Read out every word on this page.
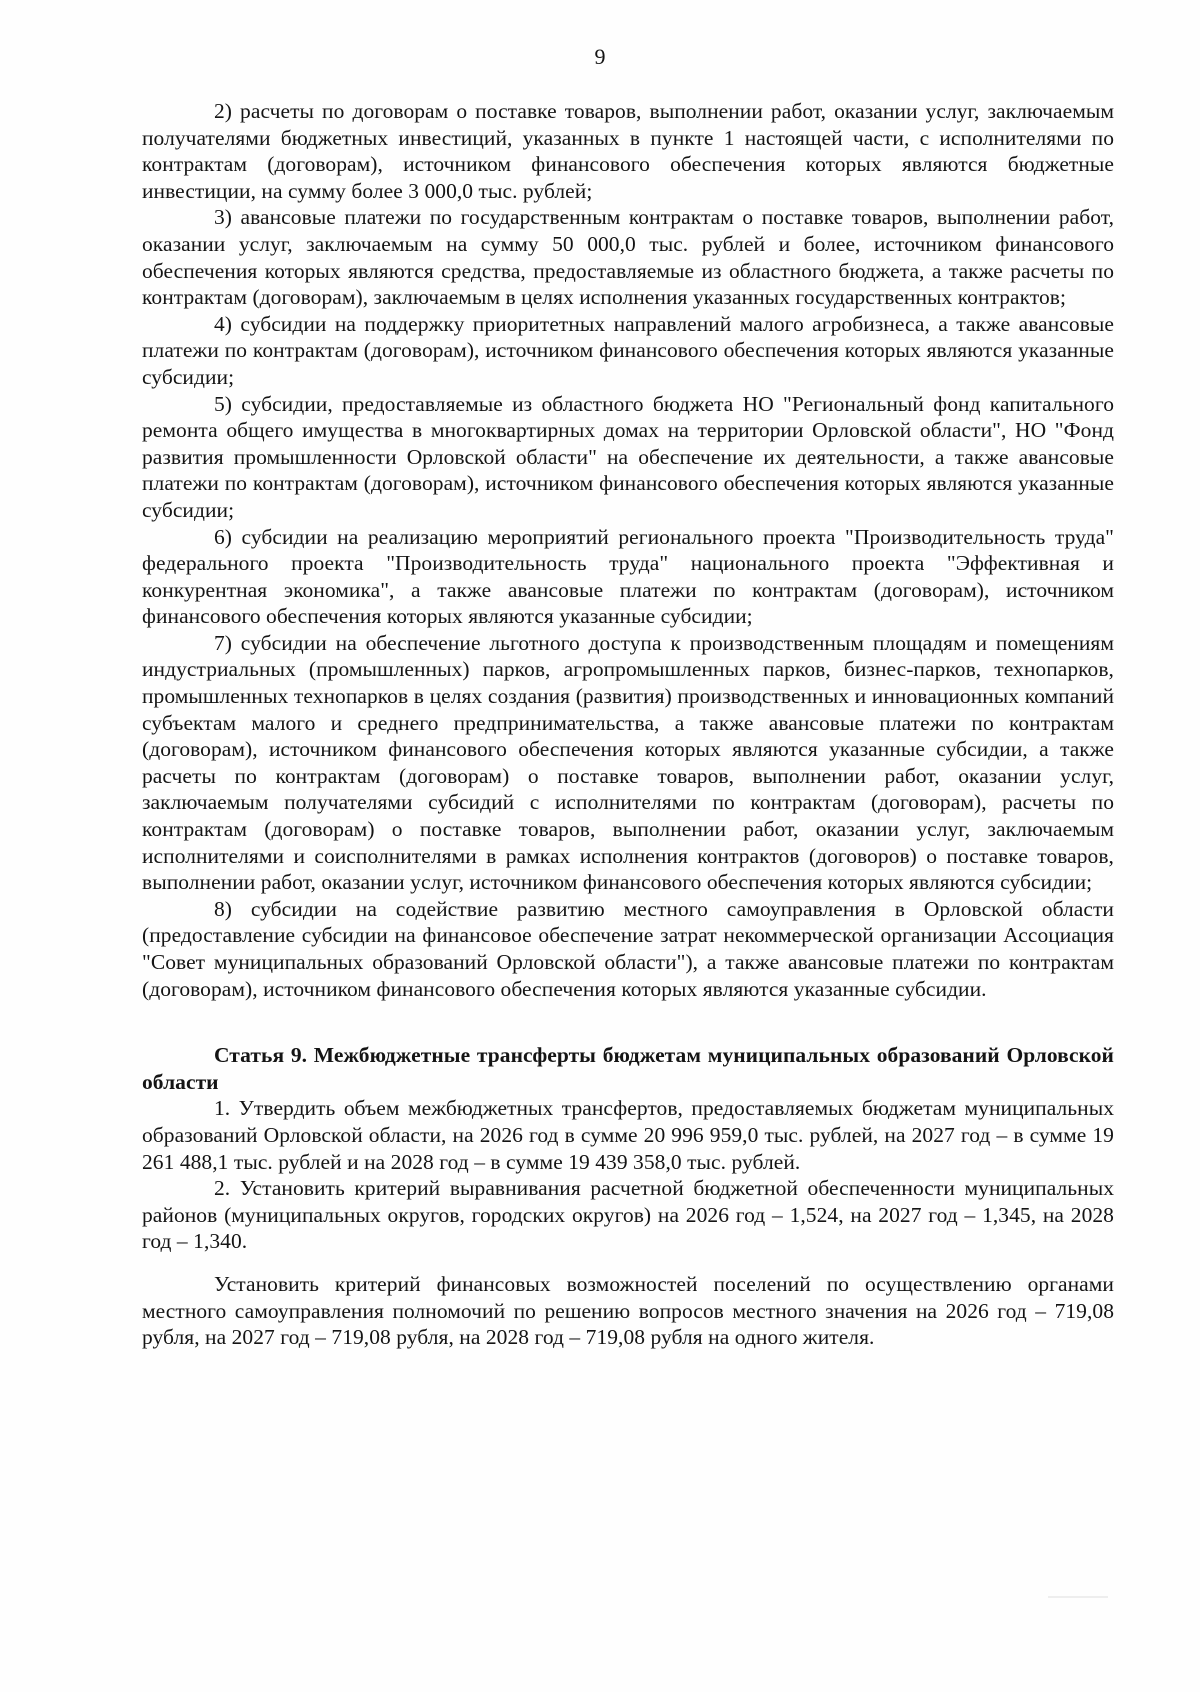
9

2) расчеты по договорам о поставке товаров, выполнении работ, оказании услуг, заключаемым получателями бюджетных инвестиций, указанных в пункте 1 настоящей части, с исполнителями по контрактам (договорам), источником финансового обеспечения которых являются бюджетные инвестиции, на сумму более 3 000,0 тыс. рублей;

3) авансовые платежи по государственным контрактам о поставке товаров, выполнении работ, оказании услуг, заключаемым на сумму 50 000,0 тыс. рублей и более, источником финансового обеспечения которых являются средства, предоставляемые из областного бюджета, а также расчеты по контрактам (договорам), заключаемым в целях исполнения указанных государственных контрактов;

4) субсидии на поддержку приоритетных направлений малого агробизнеса, а также авансовые платежи по контрактам (договорам), источником финансового обеспечения которых являются указанные субсидии;

5) субсидии, предоставляемые из областного бюджета НО "Региональный фонд капитального ремонта общего имущества в многоквартирных домах на территории Орловской области", НО "Фонд развития промышленности Орловской области" на обеспечение их деятельности, а также авансовые платежи по контрактам (договорам), источником финансового обеспечения которых являются указанные субсидии;

6) субсидии на реализацию мероприятий регионального проекта "Производительность труда" федерального проекта "Производительность труда" национального проекта "Эффективная и конкурентная экономика", а также авансовые платежи по контрактам (договорам), источником финансового обеспечения которых являются указанные субсидии;

7) субсидии на обеспечение льготного доступа к производственным площадям и помещениям индустриальных (промышленных) парков, агропромышленных парков, бизнес-парков, технопарков, промышленных технопарков в целях создания (развития) производственных и инновационных компаний субъектам малого и среднего предпринимательства, а также авансовые платежи по контрактам (договорам), источником финансового обеспечения которых являются указанные субсидии, а также расчеты по контрактам (договорам) о поставке товаров, выполнении работ, оказании услуг, заключаемым получателями субсидий с исполнителями по контрактам (договорам), расчеты по контрактам (договорам) о поставке товаров, выполнении работ, оказании услуг, заключаемым исполнителями и соисполнителями в рамках исполнения контрактов (договоров) о поставке товаров, выполнении работ, оказании услуг, источником финансового обеспечения которых являются субсидии;

8) субсидии на содействие развитию местного самоуправления в Орловской области (предоставление субсидии на финансовое обеспечение затрат некоммерческой организации Ассоциация "Совет муниципальных образований Орловской области"), а также авансовые платежи по контрактам (договорам), источником финансового обеспечения которых являются указанные субсидии.

Статья 9. Межбюджетные трансферты бюджетам муниципальных образований Орловской области

1. Утвердить объем межбюджетных трансфертов, предоставляемых бюджетам муниципальных образований Орловской области, на 2026 год в сумме 20 996 959,0 тыс. рублей, на 2027 год – в сумме 19 261 488,1 тыс. рублей и на 2028 год – в сумме 19 439 358,0 тыс. рублей.

2. Установить критерий выравнивания расчетной бюджетной обеспеченности муниципальных районов (муниципальных округов, городских округов) на 2026 год – 1,524, на 2027 год – 1,345, на 2028 год – 1,340.

Установить критерий финансовых возможностей поселений по осуществлению органами местного самоуправления полномочий по решению вопросов местного значения на 2026 год – 719,08 рубля, на 2027 год – 719,08 рубля, на 2028 год – 719,08 рубля на одного жителя.
